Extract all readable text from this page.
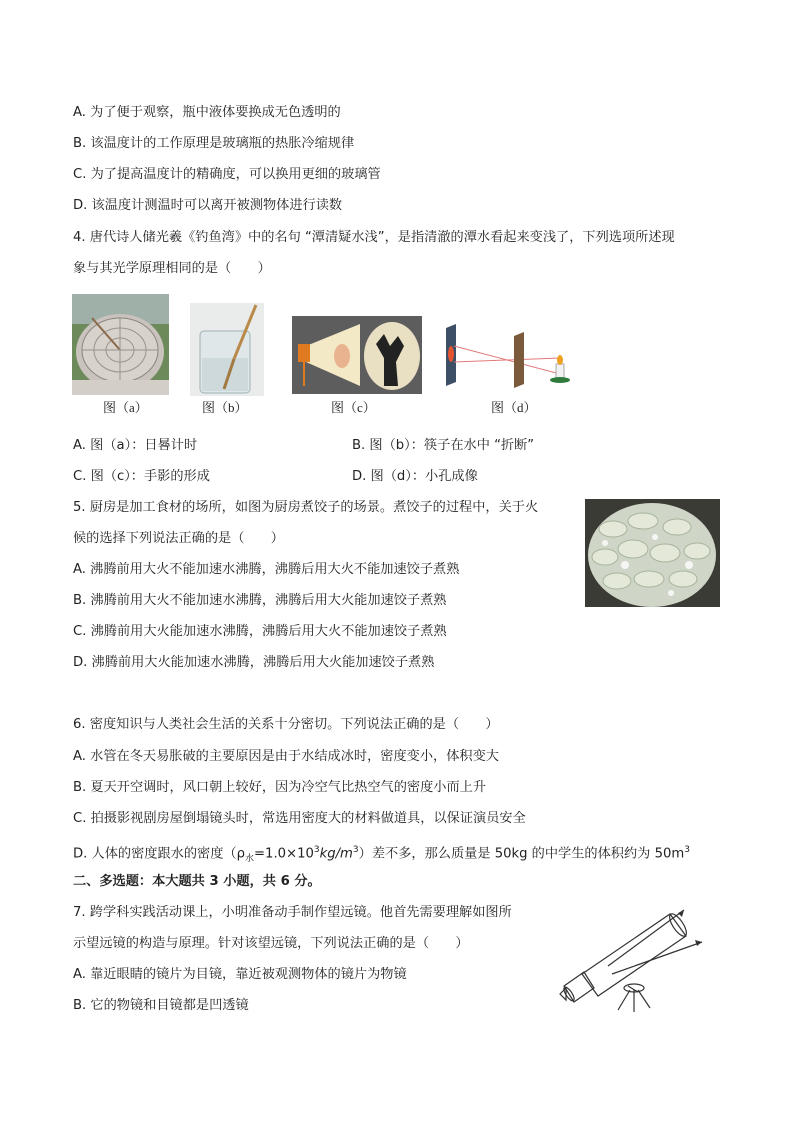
A. 为了便于观察，瓶中液体要换成无色透明的
B. 该温度计的工作原理是玻璃瓶的热胀冷缩规律
C. 为了提高温度计的精确度，可以换用更细的玻璃管
D. 该温度计测温时可以离开被测物体进行读数
4. 唐代诗人储光羲《钓鱼湾》中的名句 “潭清疑水浅”，是指清澈的潭水看起来变浅了，下列选项所述现
象与其光学原理相同的是（　　）
图（a）	图（b）	图（c）	图（d）
A. 图（a）：日晷计时	B. 图（b）：筷子在水中 “折断”
C. 图（c）：手影的形成	D. 图（d）：小孔成像
5. 厨房是加工食材的场所，如图为厨房煮饺子的场景。煮饺子的过程中，关于火
候的选择下列说法正确的是（　　）
A. 沸腾前用大火不能加速水沸腾，沸腾后用大火不能加速饺子煮熟
B. 沸腾前用大火不能加速水沸腾，沸腾后用大火能加速饺子煮熟
C. 沸腾前用大火能加速水沸腾，沸腾后用大火不能加速饺子煮熟
D. 沸腾前用大火能加速水沸腾，沸腾后用大火能加速饺子煮熟
6. 密度知识与人类社会生活的关系十分密切。下列说法正确的是（　　）
A. 水管在冬天易胀破的主要原因是由于水结成冰时，密度变小，体积变大
B. 夏天开空调时，风口朝上较好，因为冷空气比热空气的密度小而上升
C. 拍摄影视剧房屋倒塌镜头时，常选用密度大的材料做道具，以保证演员安全
D. 人体的密度跟水的密度$(\rho_水=1.0\times 10^3kg/m^3)$差不多，那么质量是 50kg 的中学生的体积约为 $50m^3$
二、多选题：本大题共 3 小题，共 6 分。
7. 跨学科实践活动课上，小明准备动手制作望远镜。他首先需要理解如图所
示望远镜的构造与原理。针对该望远镜，下列说法正确的是（　　）
A. 靠近眼睛的镜片为目镜，靠近被观测物体的镜片为物镜
B. 它的物镜和目镜都是凹透镜
